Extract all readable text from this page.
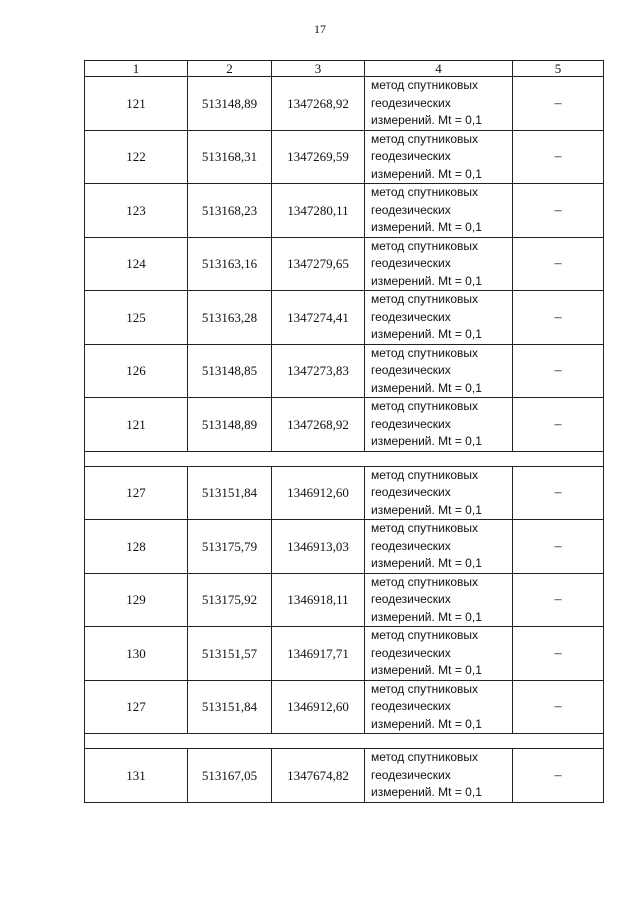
17
1	2	3	4	5
121	513148,89	1347268,92	метод спутниковых
геодезических
измерений. Mt = 0,1	–
122	513168,31	1347269,59	метод спутниковых
геодезических
измерений. Mt = 0,1	–
123	513168,23	1347280,11	метод спутниковых
геодезических
измерений. Mt = 0,1	–
124	513163,16	1347279,65	метод спутниковых
геодезических
измерений. Mt = 0,1	–
125	513163,28	1347274,41	метод спутниковых
геодезических
измерений. Mt = 0,1	–
126	513148,85	1347273,83	метод спутниковых
геодезических
измерений. Mt = 0,1	–
121	513148,89	1347268,92	метод спутниковых
геодезических
измерений. Mt = 0,1	–

127	513151,84	1346912,60	метод спутниковых
геодезических
измерений. Mt = 0,1	–
128	513175,79	1346913,03	метод спутниковых
геодезических
измерений. Mt = 0,1	–
129	513175,92	1346918,11	метод спутниковых
геодезических
измерений. Mt = 0,1	–
130	513151,57	1346917,71	метод спутниковых
геодезических
измерений. Mt = 0,1	–
127	513151,84	1346912,60	метод спутниковых
геодезических
измерений. Mt = 0,1	–

131	513167,05	1347674,82	метод спутниковых
геодезических
измерений. Mt = 0,1	–
